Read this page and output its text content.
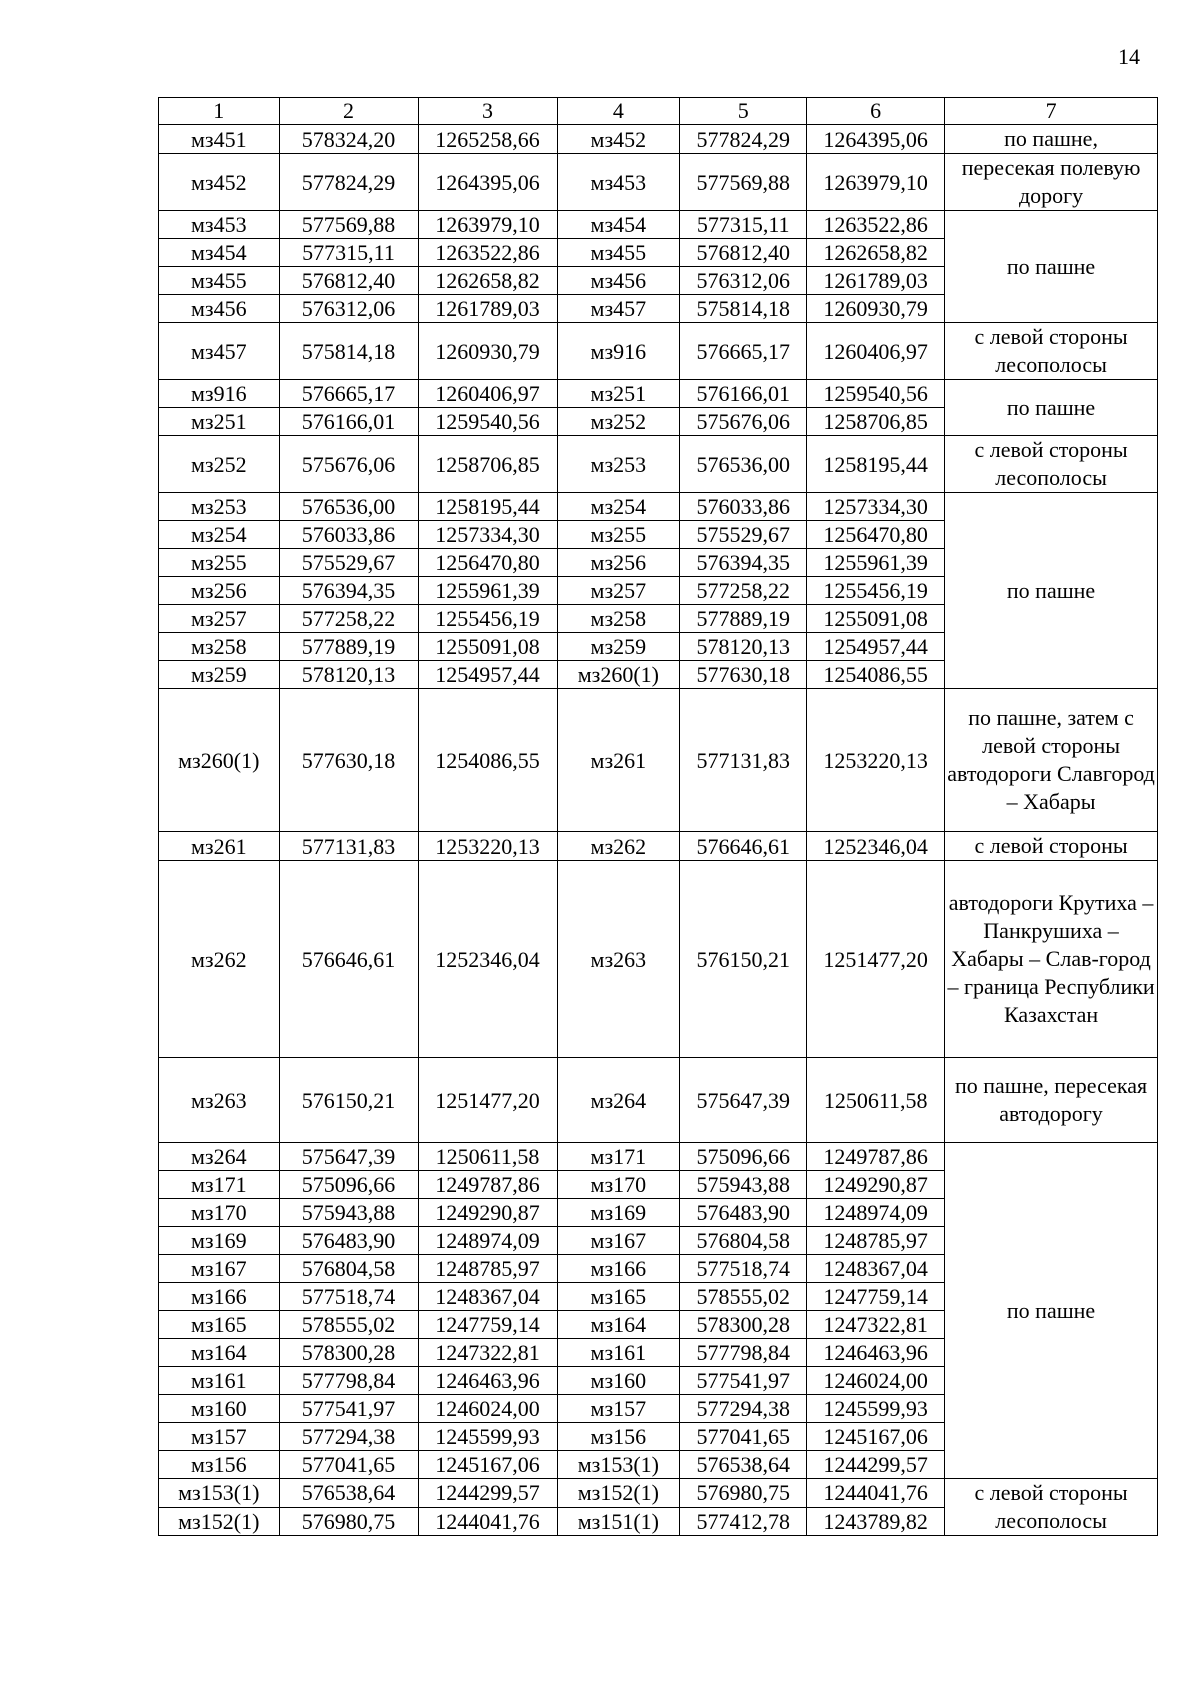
14
1	2	3	4	5	6	7
мз451	578324,20	1265258,66	мз452	577824,29	1264395,06	по пашне,
мз452	577824,29	1264395,06	мз453	577569,88	1263979,10	пересекая полевую дорогу
мз453	577569,88	1263979,10	мз454	577315,11	1263522,86	по пашне
мз454	577315,11	1263522,86	мз455	576812,40	1262658,82	
мз455	576812,40	1262658,82	мз456	576312,06	1261789,03	
мз456	576312,06	1261789,03	мз457	575814,18	1260930,79	
мз457	575814,18	1260930,79	мз916	576665,17	1260406,97	с левой стороны лесополосы
мз916	576665,17	1260406,97	мз251	576166,01	1259540,56	по пашне
мз251	576166,01	1259540,56	мз252	575676,06	1258706,85	
мз252	575676,06	1258706,85	мз253	576536,00	1258195,44	с левой стороны лесополосы
мз253	576536,00	1258195,44	мз254	576033,86	1257334,30	по пашне
мз254	576033,86	1257334,30	мз255	575529,67	1256470,80	
мз255	575529,67	1256470,80	мз256	576394,35	1255961,39	
мз256	576394,35	1255961,39	мз257	577258,22	1255456,19	
мз257	577258,22	1255456,19	мз258	577889,19	1255091,08	
мз258	577889,19	1255091,08	мз259	578120,13	1254957,44	
мз259	578120,13	1254957,44	мз260(1)	577630,18	1254086,55	
мз260(1)	577630,18	1254086,55	мз261	577131,83	1253220,13	по пашне, затем с левой стороны автодороги Славгород – Хабары
мз261	577131,83	1253220,13	мз262	576646,61	1252346,04	с левой стороны
мз262	576646,61	1252346,04	мз263	576150,21	1251477,20	автодороги Крутиха – Панкрушиха – Хабары – Слав-город – граница Республики Казахстан
мз263	576150,21	1251477,20	мз264	575647,39	1250611,58	по пашне, пересекая автодорогу
мз264	575647,39	1250611,58	мз171	575096,66	1249787,86	по пашне
мз171	575096,66	1249787,86	мз170	575943,88	1249290,87	
мз170	575943,88	1249290,87	мз169	576483,90	1248974,09	
мз169	576483,90	1248974,09	мз167	576804,58	1248785,97	
мз167	576804,58	1248785,97	мз166	577518,74	1248367,04	
мз166	577518,74	1248367,04	мз165	578555,02	1247759,14	
мз165	578555,02	1247759,14	мз164	578300,28	1247322,81	
мз164	578300,28	1247322,81	мз161	577798,84	1246463,96	
мз161	577798,84	1246463,96	мз160	577541,97	1246024,00	
мз160	577541,97	1246024,00	мз157	577294,38	1245599,93	
мз157	577294,38	1245599,93	мз156	577041,65	1245167,06	
мз156	577041,65	1245167,06	мз153(1)	576538,64	1244299,57	
мз153(1)	576538,64	1244299,57	мз152(1)	576980,75	1244041,76	с левой стороны лесополосы
мз152(1)	576980,75	1244041,76	мз151(1)	577412,78	1243789,82	
